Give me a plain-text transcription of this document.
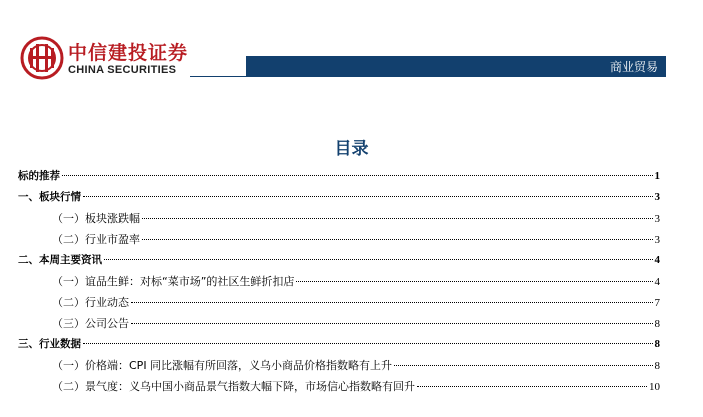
中信建投证券
CHINA SECURITIES	商业贸易
目录
标的推荐	1
一、板块行情	3
（一）板块涨跌幅	3
（二）行业市盈率	3
二、本周主要资讯	4
（一）谊品生鲜：对标“菜市场”的社区生鲜折扣店	4
（二）行业动态	7
（三）公司公告	8
三、行业数据	8
（一）价格端：CPI 同比涨幅有所回落，义乌小商品价格指数略有上升	8
（二）景气度：义乌中国小商品景气指数大幅下降，市场信心指数略有回升	10
